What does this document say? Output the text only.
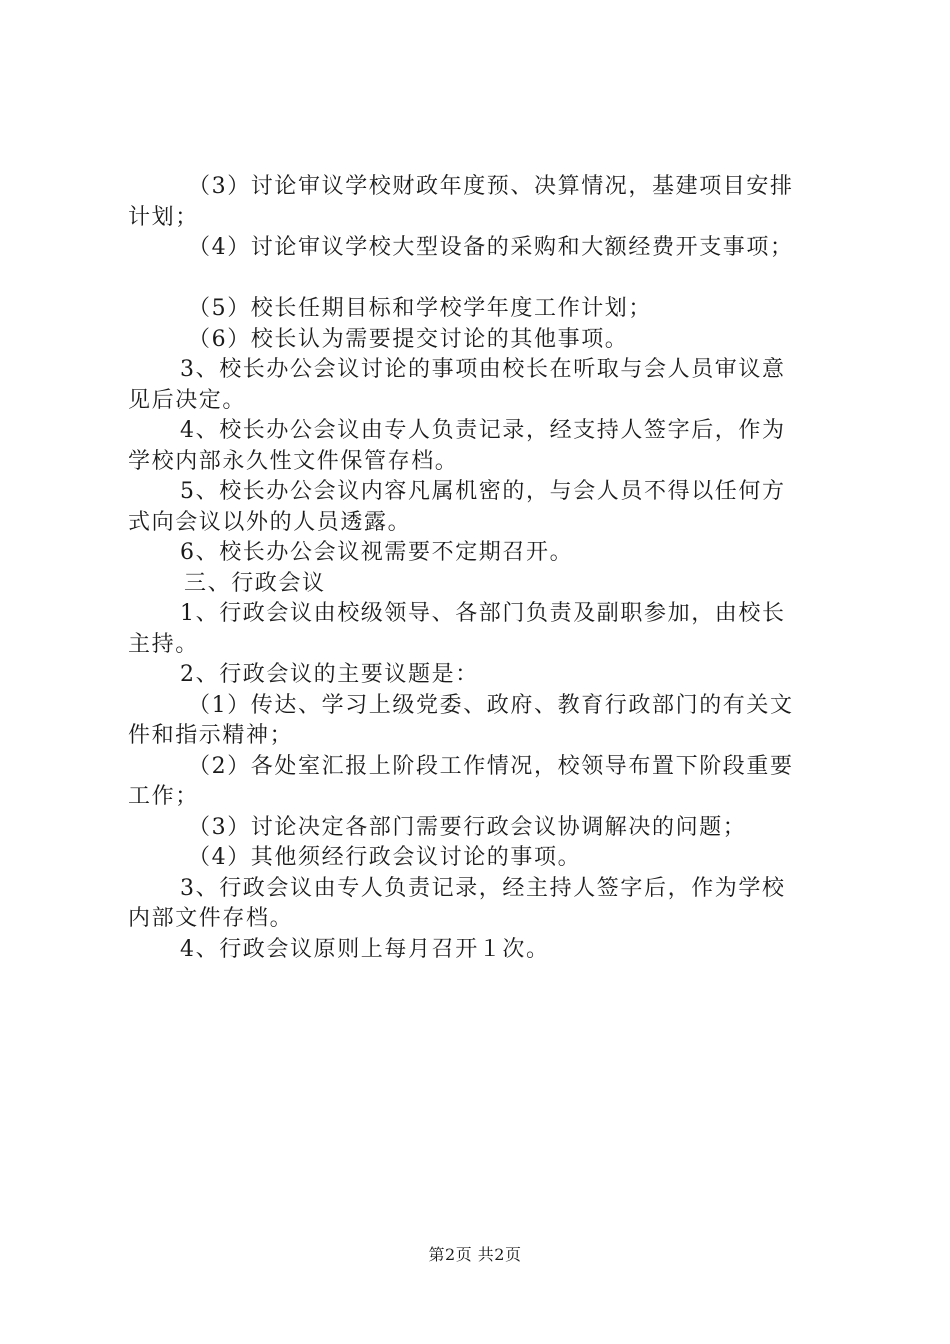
（3）讨论审议学校财政年度预、决算情况，基建项目安排
计划；
（4）讨论审议学校大型设备的采购和大额经费开支事项；
（5）校长任期目标和学校学年度工作计划；
（6）校长认为需要提交讨论的其他事项。
3、校长办公会议讨论的事项由校长在听取与会人员审议意
见后决定。
4、校长办公会议由专人负责记录，经支持人签字后，作为
学校内部永久性文件保管存档。
5、校长办公会议内容凡属机密的，与会人员不得以任何方
式向会议以外的人员透露。
6、校长办公会议视需要不定期召开。
三、行政会议
1、行政会议由校级领导、各部门负责及副职参加，由校长
主持。
2、行政会议的主要议题是：
（1）传达、学习上级党委、政府、教育行政部门的有关文
件和指示精神；
（2）各处室汇报上阶段工作情况，校领导布置下阶段重要
工作；
（3）讨论决定各部门需要行政会议协调解决的问题；
（4）其他须经行政会议讨论的事项。
3、行政会议由专人负责记录，经主持人签字后，作为学校
内部文件存档。
4、行政会议原则上每月召开１次。
第2页 共2页
